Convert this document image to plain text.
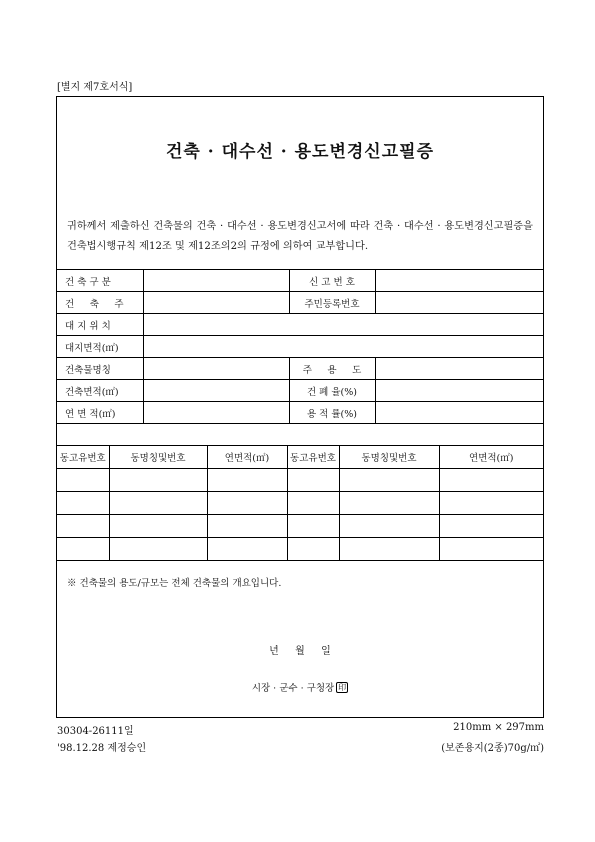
[별지 제7호서식]
건축 · 대수선 · 용도변경신고필증
귀하께서 제출하신 건축물의 건축 · 대수선 · 용도변경신고서에 따라 건축 · 대수선 · 용도변경신고필증을 건축법시행규칙 제12조 및 제12조의2의 규정에 의하여 교부합니다.
건 축 구 분		신 고 번 호	
건 　 축 　 주		주민등록번호	
대 지 위 치			
대지면적(㎡)			
건축물명칭		주 　 용 　 도	
건축면적(㎡)		건 폐 율(%)	
연 면 적(㎡)		용 적 률(%)	
동고유번호	동명칭및번호	연면적(㎡)	동고유번호	동명칭및번호	연면적(㎡)

※ 건축물의 용도/규모는 전체 건축물의 개요입니다.
년 　 월 　 일
시장 · 군수 · 구청장 印
30304-26111일
'98.12.28 제정승인
210mm × 297mm
(보존용지(2종)70g/㎡)
